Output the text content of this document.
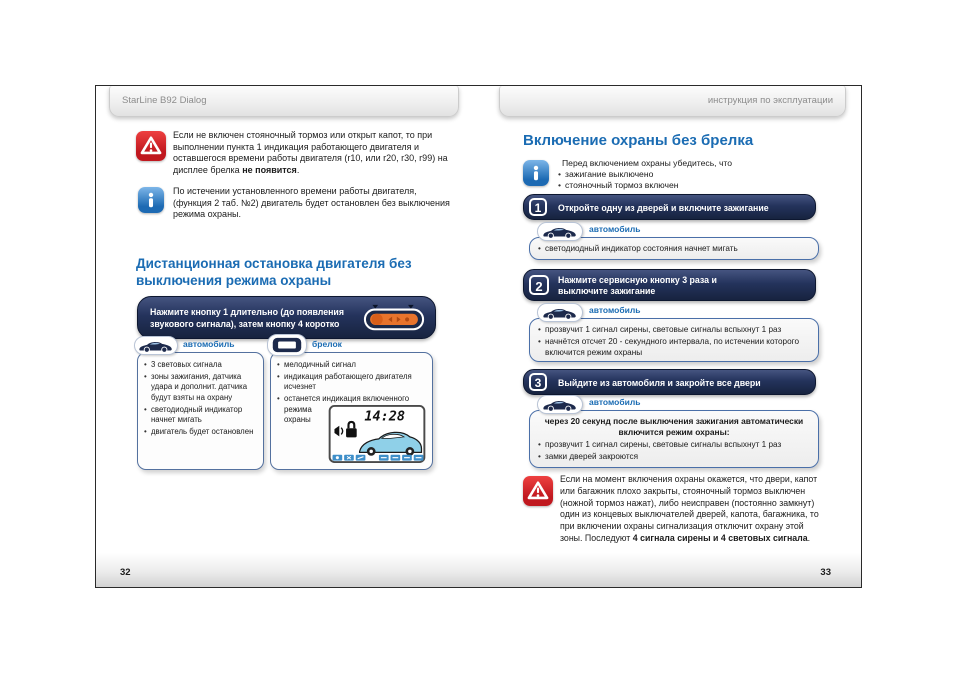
StarLine B92 Dialog	инструкция по эксплуатации
Если не включен стояночный тормоз или открыт капот, то при выполнении пункта 1 индикация работающего двигателя и оставшегося времени работы двигателя (r10, или r20, r30, r99) на дисплее брелка не появится.
По истечении установленного времени работы двигателя, (функция 2 таб. №2) двигатель будет остановлен без выключения режима охраны.
Дистанционная остановка двигателя без выключения режима охраны
Нажмите кнопку 1 длительно (до появления звукового сигнала), затем кнопку 4 коротко
автомобиль
• 3 световых сигнала
• зоны зажигания, датчика удара и дополнит. датчика будут взяты на охрану
• светодиодный индикатор начнет мигать
• двигатель будет остановлен
брелок
14:28
• мелодичный сигнал
• индикация работающего двигателя исчезнет
• останется индикация включенного режима охраны
Включение охраны без брелка
Перед включением охраны убедитесь, что
• зажигание выключено
• стояночный тормоз включен
1	Откройте одну из дверей и включите зажигание
автомобиль
• светодиодный индикатор состояния начнет мигать
2	Нажмите сервисную кнопку 3 раза и выключите зажигание
автомобиль
• прозвучит 1 сигнал сирены, световые сигналы вспыхнут 1 раз
• начнётся отсчет 20 - секундного интервала, по истечении которого включится режим охраны
3	Выйдите из автомобиля и закройте все двери
автомобиль
через 20 секунд после выключения зажигания автоматически включится режим охраны:
• прозвучит 1 сигнал сирены, световые сигналы вспыхнут 1 раз
• замки дверей закроются
Если на момент включения охраны окажется, что двери, капот или багажник плохо закрыты, стояночный тормоз выключен (ножной тормоз нажат), либо неисправен (постоянно замкнут) один из концевых выключателей дверей, капота, багажника, то при включении охраны сигнализация отключит охрану этой зоны. Последуют 4 сигнала сирены и 4 световых сигнала.
32	33
